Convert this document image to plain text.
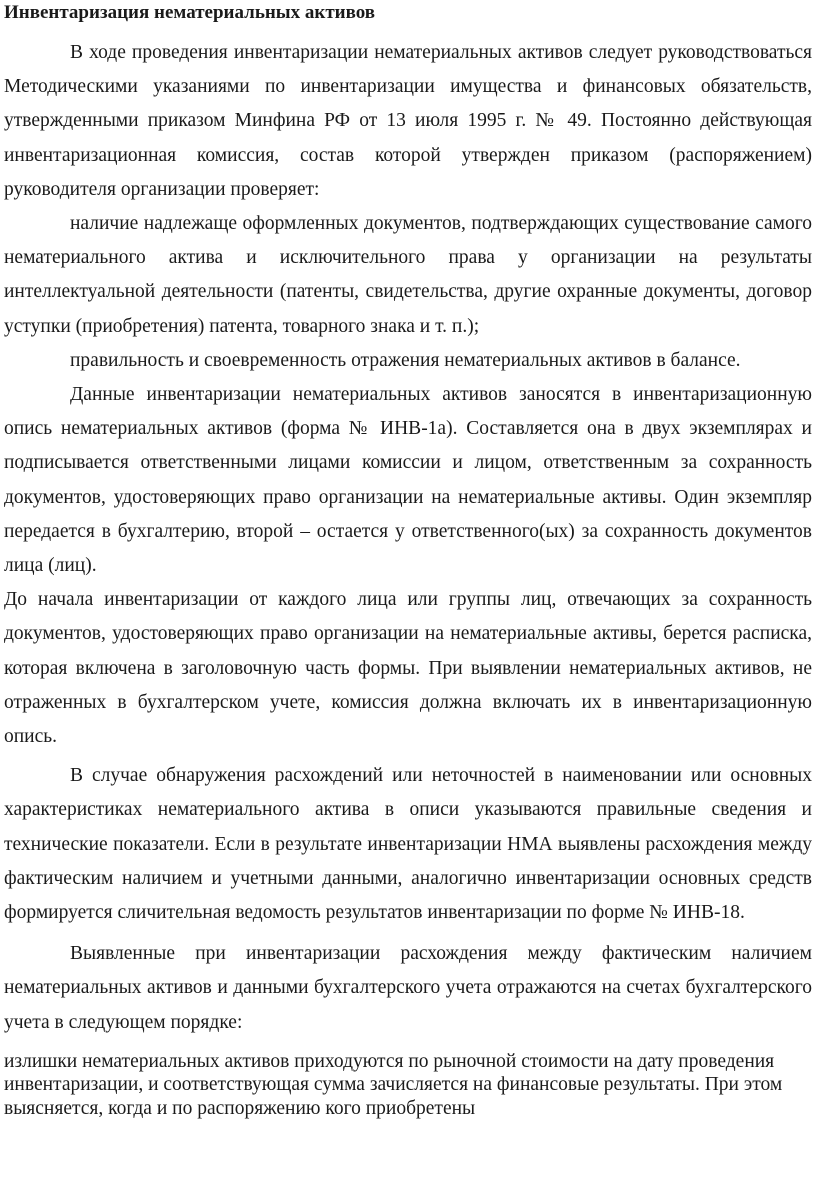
Инвентаризация нематериальных активов

В ходе проведения инвентаризации нематериальных активов следует руководствоваться Методическими указаниями по инвентаризации имущества и финансовых обязательств, утвержденными приказом Минфина РФ от 13 июля 1995 г. № 49. Постоянно действующая инвентаризационная комиссия, состав которой утвержден приказом (распоряжением) руководителя организации проверяет:

наличие надлежаще оформленных документов, подтверждающих существование самого нематериального актива и исключительного права у организации на результаты интеллектуальной деятельности (патенты, свидетельства, другие охранные документы, договор уступки (приобретения) патента, товарного знака и т. п.);

правильность и своевременность отражения нематериальных активов в балансе.

Данные инвентаризации нематериальных активов заносятся в инвентаризационную опись нематериальных активов (форма № ИНВ-1а). Составляется она в двух экземплярах и подписывается ответственными лицами комиссии и лицом, ответственным за сохранность документов, удостоверяющих право организации на нематериальные активы. Один экземпляр передается в бухгалтерию, второй – остается у ответственного(ых) за сохранность документов лица (лиц).

До начала инвентаризации от каждого лица или группы лиц, отвечающих за сохранность документов, удостоверяющих право организации на нематериальные активы, берется расписка, которая включена в заголовочную часть формы. При выявлении нематериальных активов, не отраженных в бухгалтерском учете, комиссия должна включать их в инвентаризационную опись.

В случае обнаружения расхождений или неточностей в наименовании или основных характеристиках нематериального актива в описи указываются правильные сведения и технические показатели. Если в результате инвентаризации НМА выявлены расхождения между фактическим наличием и учетными данными, аналогично инвентаризации основных средств формируется сличительная ведомость результатов инвентаризации по форме № ИНВ-18.

Выявленные при инвентаризации расхождения между фактическим наличием нематериальных активов и данными бухгалтерского учета отражаются на счетах бухгалтерского учета в следующем порядке:

излишки нематериальных активов приходуются по рыночной стоимости на дату проведения инвентаризации, и соответствующая сумма зачисляется на финансовые результаты. При этом выясняется, когда и по распоряжению кого приобретены
